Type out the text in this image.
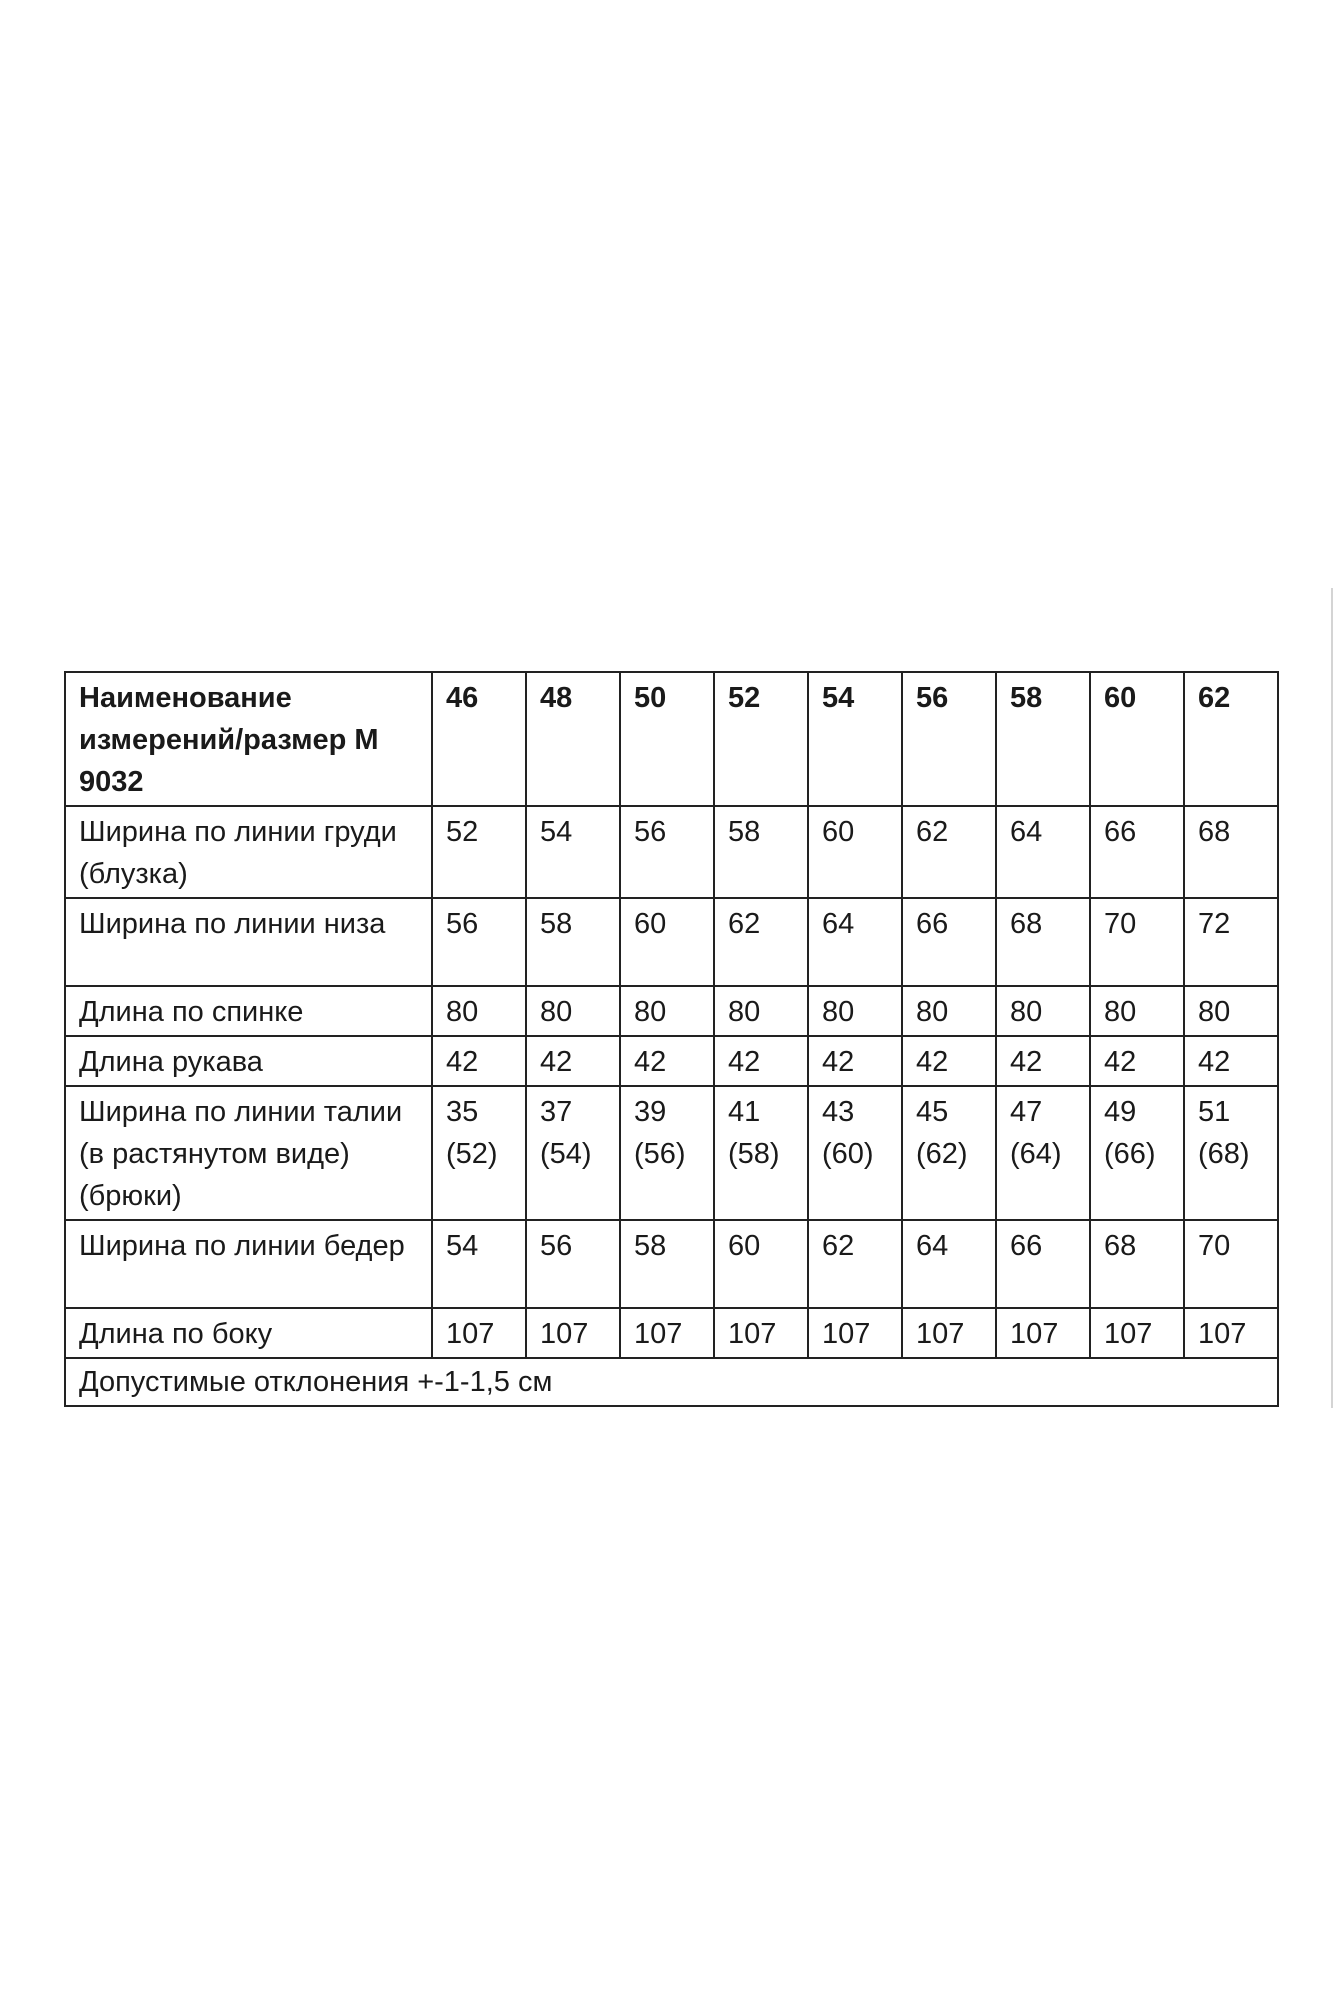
Наименование измерений/размер М 9032	46	48	50	52	54	56	58	60	62
Ширина по линии груди (блузка)	52	54	56	58	60	62	64	66	68
Ширина по линии низа	56	58	60	62	64	66	68	70	72
Длина по спинке	80	80	80	80	80	80	80	80	80
Длина рукава	42	42	42	42	42	42	42	42	42
Ширина по линии талии (в растянутом виде) (брюки)	35 (52)	37 (54)	39 (56)	41 (58)	43 (60)	45 (62)	47 (64)	49 (66)	51 (68)
Ширина по линии бедер	54	56	58	60	62	64	66	68	70
Длина по боку	107	107	107	107	107	107	107	107	107
Допустимые отклонения +-1-1,5 см									
